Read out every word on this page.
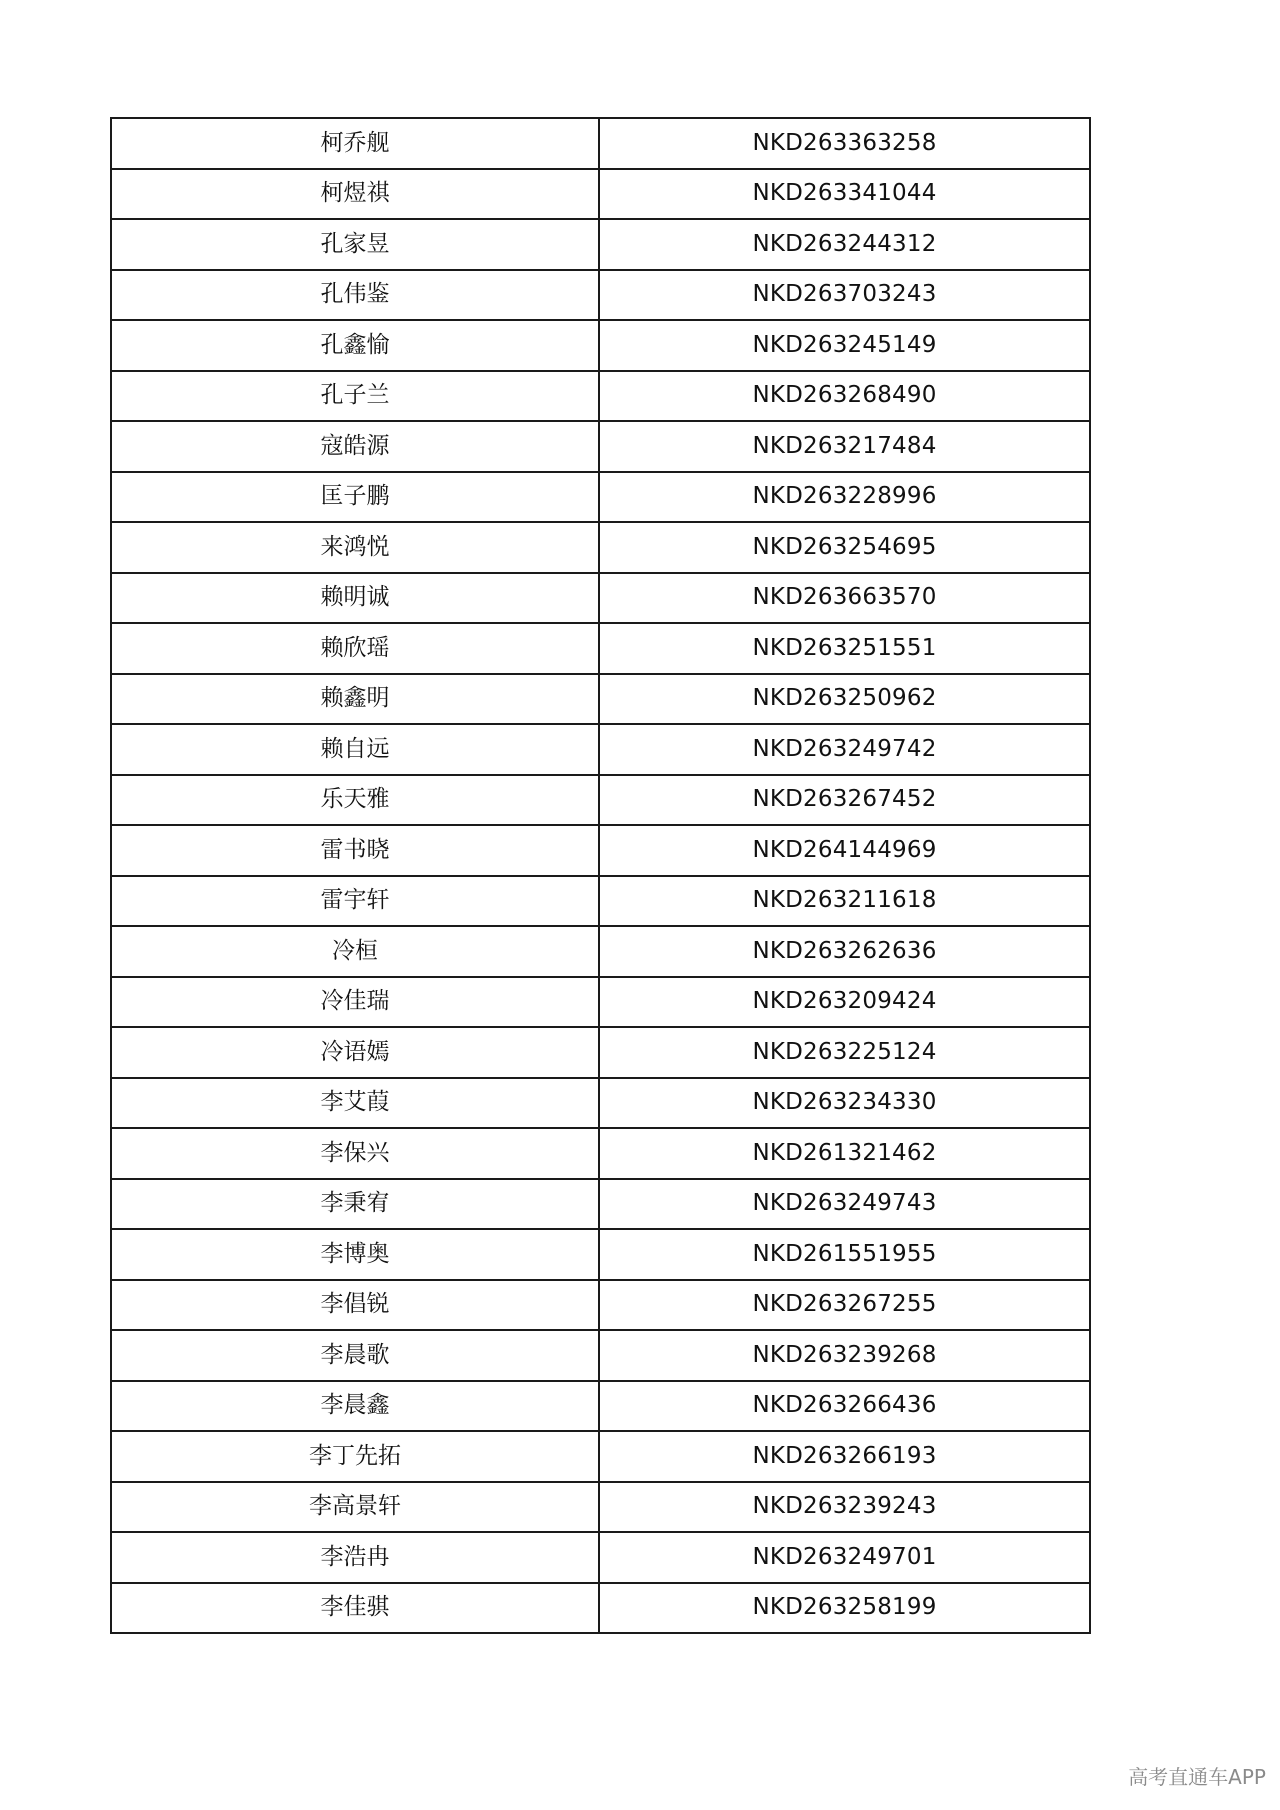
柯乔舰	NKD263363258
柯煜祺	NKD263341044
孔家昱	NKD263244312
孔伟鉴	NKD263703243
孔鑫愉	NKD263245149
孔子兰	NKD263268490
寇皓源	NKD263217484
匡子鹏	NKD263228996
来鸿悦	NKD263254695
赖明诚	NKD263663570
赖欣瑶	NKD263251551
赖鑫明	NKD263250962
赖自远	NKD263249742
乐天雅	NKD263267452
雷书晓	NKD264144969
雷宇轩	NKD263211618
冷桓	NKD263262636
冷佳瑞	NKD263209424
冷语嫣	NKD263225124
李艾葭	NKD263234330
李保兴	NKD261321462
李秉宥	NKD263249743
李博奥	NKD261551955
李倡锐	NKD263267255
李晨歌	NKD263239268
李晨鑫	NKD263266436
李丁先拓	NKD263266193
李高景轩	NKD263239243
李浩冉	NKD263249701
李佳骐	NKD263258199
高考直通车APP
